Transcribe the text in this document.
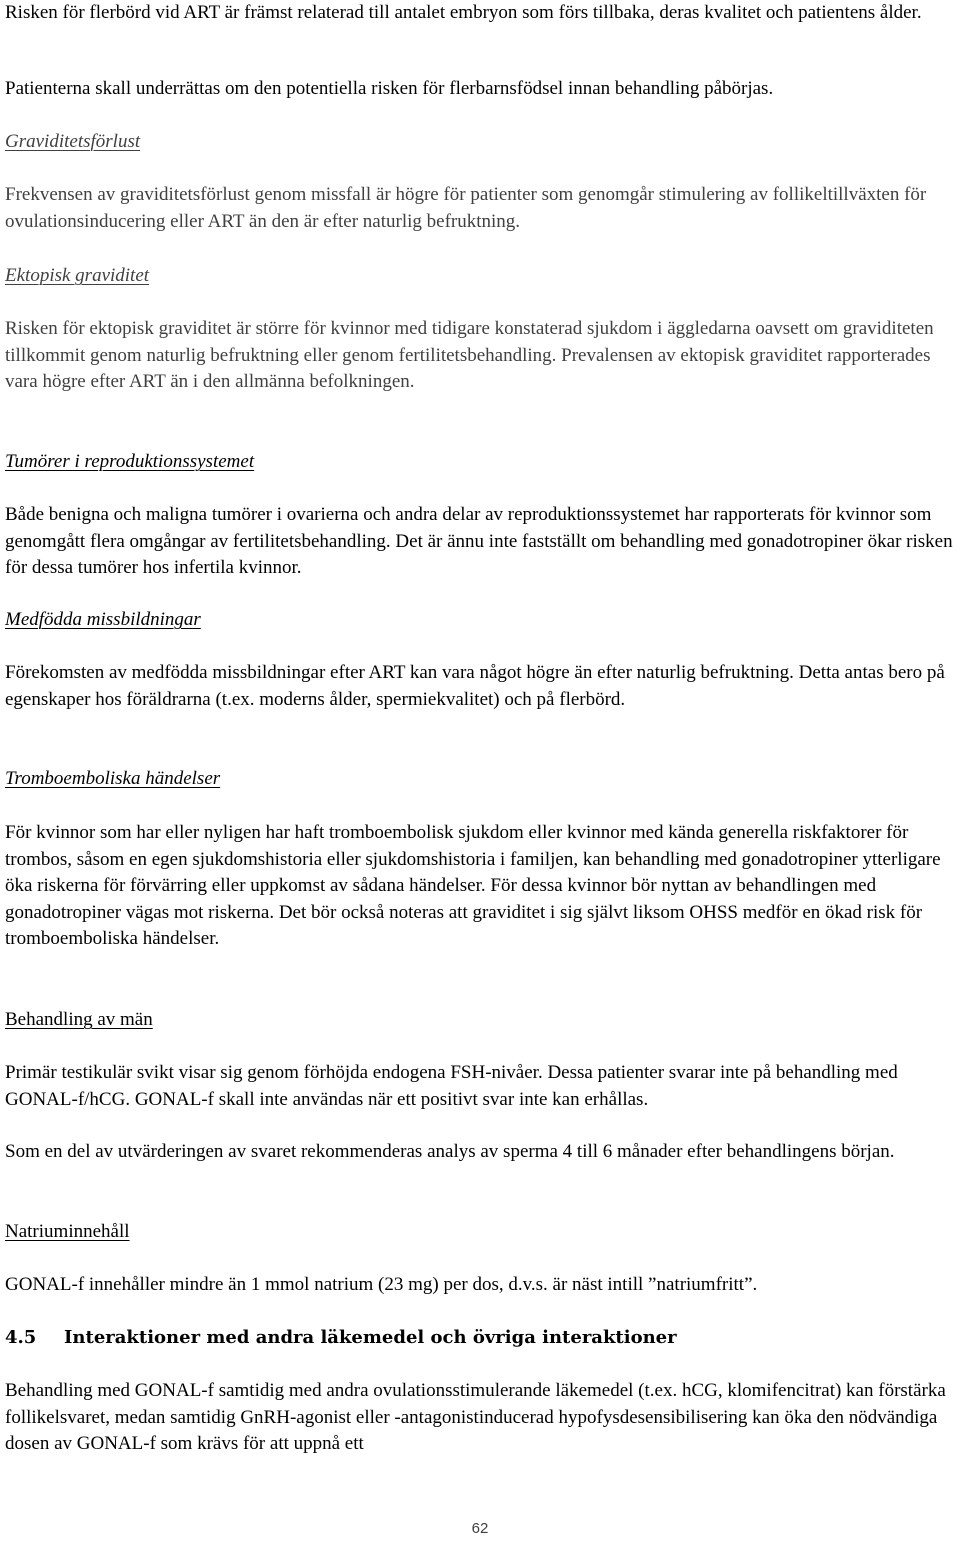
Risken för flerbörd vid ART är främst relaterad till antalet embryon som förs tillbaka, deras kvalitet och patientens ålder.

Patienterna skall underrättas om den potentiella risken för flerbarnsfödsel innan behandling påbörjas.

Graviditetsförlust

Frekvensen av graviditetsförlust genom missfall är högre för patienter som genomgår stimulering av follikeltillväxten för ovulationsinducering eller ART än den är efter naturlig befruktning.

Ektopisk graviditet

Risken för ektopisk graviditet är större för kvinnor med tidigare konstaterad sjukdom i äggledarna oavsett om graviditeten tillkommit genom naturlig befruktning eller genom fertilitetsbehandling. Prevalensen av ektopisk graviditet rapporterades vara högre efter ART än i den allmänna befolkningen.

Tumörer i reproduktionssystemet

Både benigna och maligna tumörer i ovarierna och andra delar av reproduktionssystemet har rapporterats för kvinnor som genomgått flera omgångar av fertilitetsbehandling. Det är ännu inte fastställt om behandling med gonadotropiner ökar risken för dessa tumörer hos infertila kvinnor.

Medfödda missbildningar

Förekomsten av medfödda missbildningar efter ART kan vara något högre än efter naturlig befruktning. Detta antas bero på egenskaper hos föräldrarna (t.ex. moderns ålder, spermiekvalitet) och på flerbörd.

Tromboemboliska händelser

För kvinnor som har eller nyligen har haft tromboembolisk sjukdom eller kvinnor med kända generella riskfaktorer för trombos, såsom en egen sjukdomshistoria eller sjukdomshistoria i familjen, kan behandling med gonadotropiner ytterligare öka riskerna för förvärring eller uppkomst av sådana händelser. För dessa kvinnor bör nyttan av behandlingen med gonadotropiner vägas mot riskerna. Det bör också noteras att graviditet i sig självt liksom OHSS medför en ökad risk för tromboemboliska händelser.

Behandling av män

Primär testikulär svikt visar sig genom förhöjda endogena FSH-nivåer. Dessa patienter svarar inte på behandling med GONAL-f/hCG. GONAL-f skall inte användas när ett positivt svar inte kan erhållas.

Som en del av utvärderingen av svaret rekommenderas analys av sperma 4 till 6 månader efter behandlingens början.

Natriuminnehåll

GONAL-f innehåller mindre än 1 mmol natrium (23 mg) per dos, d.v.s. är näst intill ”natriumfritt”.

4.5 Interaktioner med andra läkemedel och övriga interaktioner

Behandling med GONAL-f samtidig med andra ovulationsstimulerande läkemedel (t.ex. hCG, klomifencitrat) kan förstärka follikelsvaret, medan samtidig GnRH-agonist eller -antagonistinducerad hypofysdesensibilisering kan öka den nödvändiga dosen av GONAL-f som krävs för att uppnå ett

62
